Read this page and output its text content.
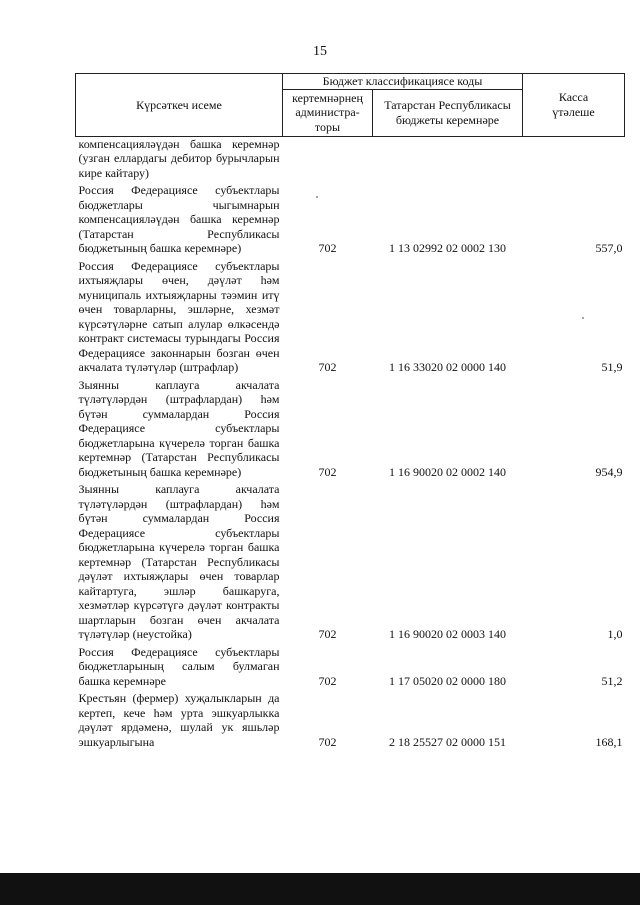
15
Күрсәткеч исеме	Бюджет классификациясе коды		Касса үтәлеше
	кертемнәрнең администра-торы	Татарстан Республикасы бюджеты керемнәре	
компенсацияләүдән башка керемнәр (узган еллардагы дебитор бурычларын кире кайтару)			
Россия Федерациясе субъектлары бюджетлары чыгымнарын компенсацияләүдән башка керемнәр (Татарстан Республикасы бюджетының башка керемнәре)	702	1 13 02992 02 0002 130	557,0
Россия Федерациясе субъектлары ихтыяҗлары өчен, дәүләт һәм муниципаль ихтыяҗларны тәэмин итү өчен товарларны, эшләрне, хезмәт күрсәтүләрне сатып алулар өлкәсендә контракт системасы турындагы Россия Федерациясе законнарын бозган өчен акчалата түләтүләр (штрафлар)	702	1 16 33020 02 0000 140	51,9
Зыянны каплауга акчалата түләтүләрдән (штрафлардан) һәм бүтән суммалардан Россия Федерациясе субъектлары бюджетларына күчерелә торган башка кертемнәр (Татарстан Республикасы бюджетының башка керемнәре)	702	1 16 90020 02 0002 140	954,9
Зыянны каплауга акчалата түләтүләрдән (штрафлардан) һәм бүтән суммалардан Россия Федерациясе субъектлары бюджетларына күчерелә торган башка кертемнәр (Татарстан Республикасы дәүләт ихтыяҗлары өчен товарлар кайтартуга, эшләр башкаруга, хезмәтләр күрсәтүгә дәүләт контракты шартларын бозган өчен акчалата түләтүләр (неустойка)	702	1 16 90020 02 0003 140	1,0
Россия Федерациясе субъектлары бюджетларының салым булмаган башка керемнәре	702	1 17 05020 02 0000 180	51,2
Крестьян (фермер) хуҗалыкларын да кертеп, кече һәм урта эшкуарлыкка дәүләт ярдәменә, шулай ук яшьләр эшкуарлыгына	702	2 18 25527 02 0000 151	168,1
